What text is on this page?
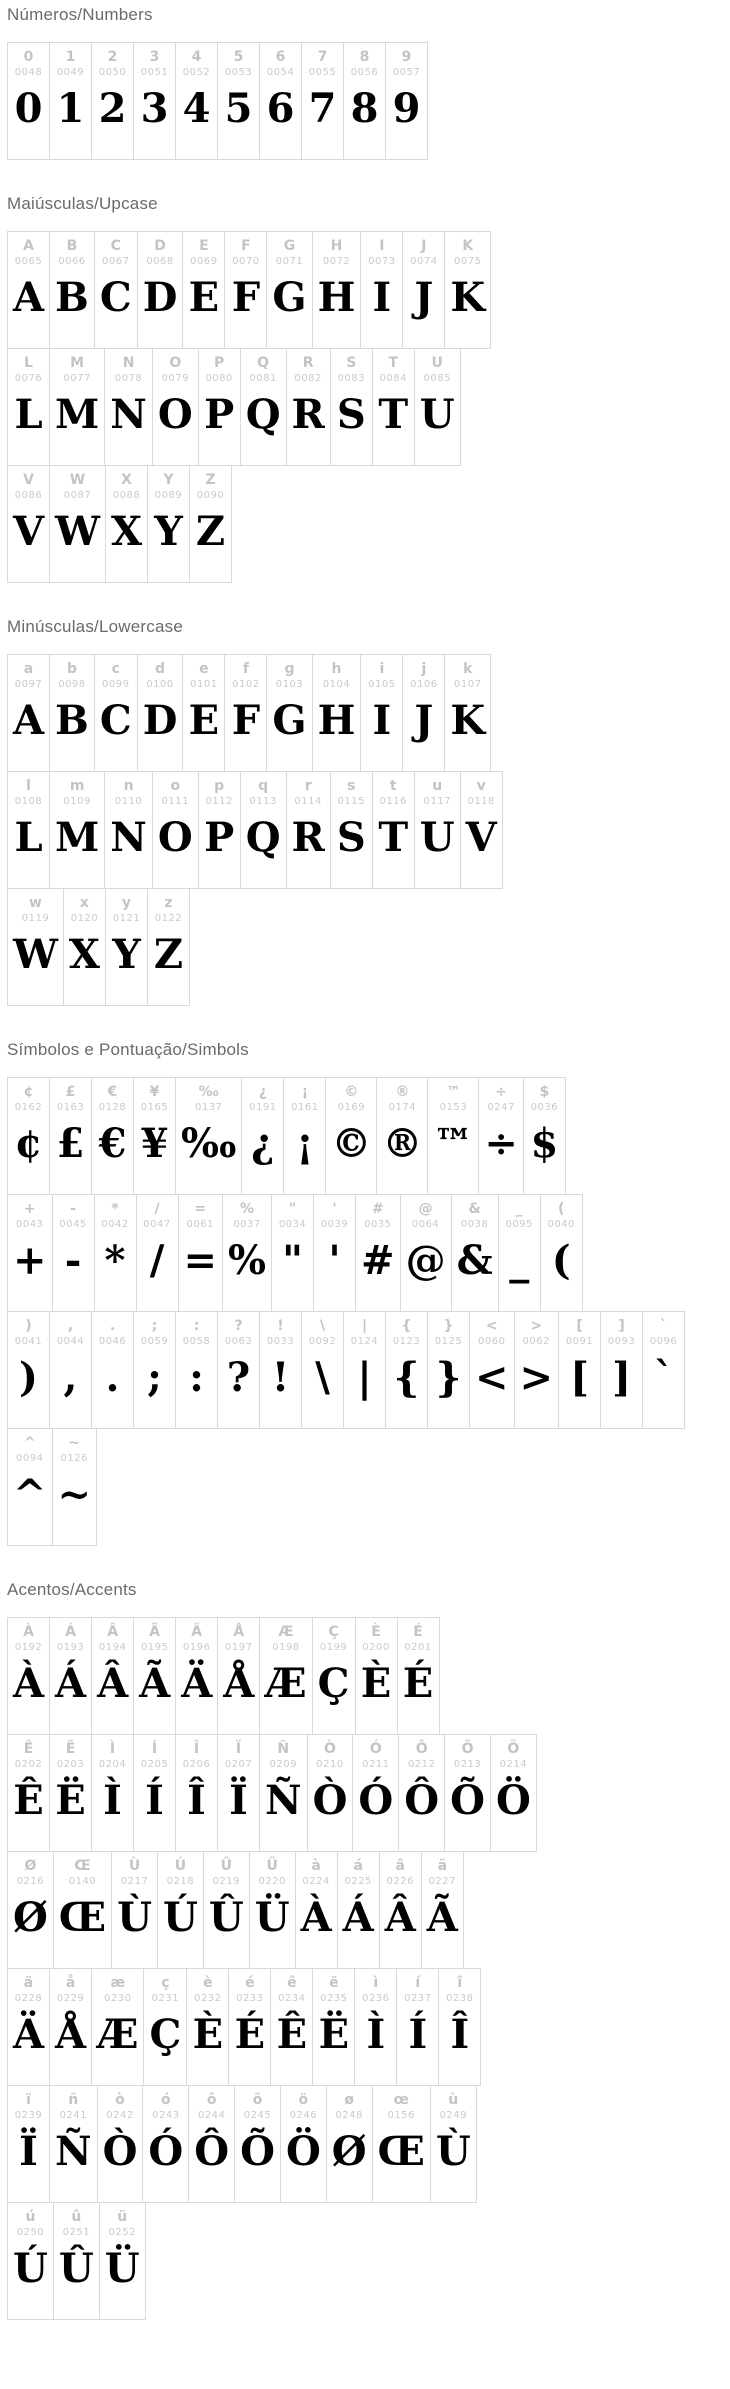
Números/Numbers
0
0048
0
1
0049
1
2
0050
2
3
0051
3
4
0052
4
5
0053
5
6
0054
6
7
0055
7
8
0056
8
9
0057
9
Maiúsculas/Upcase
A
0065
A
B
0066
B
C
0067
C
D
0068
D
E
0069
E
F
0070
F
G
0071
G
H
0072
H
I
0073
I
J
0074
J
K
0075
K
L
0076
L
M
0077
M
N
0078
N
O
0079
O
P
0080
P
Q
0081
Q
R
0082
R
S
0083
S
T
0084
T
U
0085
U
V
0086
V
W
0087
W
X
0088
X
Y
0089
Y
Z
0090
Z
Minúsculas/Lowercase
a
0097
A
b
0098
B
c
0099
C
d
0100
D
e
0101
E
f
0102
F
g
0103
G
h
0104
H
i
0105
I
j
0106
J
k
0107
K
l
0108
L
m
0109
M
n
0110
N
o
0111
O
p
0112
P
q
0113
Q
r
0114
R
s
0115
S
t
0116
T
u
0117
U
v
0118
V
w
0119
W
x
0120
X
y
0121
Y
z
0122
Z
Símbolos e Pontuação/Simbols
¢
0162
¢
£
0163
£
€
0128
€
¥
0165
¥
‰
0137
‰
¿
0191
¿
¡
0161
¡
©
0169
©
®
0174
®
™
0153
™
÷
0247
÷
$
0036
$
+
0043
+
-
0045
-
*
0042
*
/
0047
/
=
0061
=
%
0037
%
"
0034
"
'
0039
'
#
0035
#
@
0064
@
&
0038
&
_
0095
_
(
0040
(
)
0041
)
,
0044
,
.
0046
.
;
0059
;
:
0058
:
?
0063
?
!
0033
!
\
0092
\
|
0124
|
{
0123
{
}
0125
}
<
0060
<
>
0062
>
[
0091
[
]
0093
]
`
0096
`
^
0094
^
~
0126
~
Acentos/Accents
À
0192
À
Á
0193
Á
Â
0194
Â
Ã
0195
Ã
Ä
0196
Ä
Å
0197
Å
Æ
0198
Æ
Ç
0199
Ç
È
0200
È
É
0201
É
Ê
0202
Ê
Ë
0203
Ë
Ì
0204
Ì
Í
0205
Í
Î
0206
Î
Ï
0207
Ï
Ñ
0209
Ñ
Ò
0210
Ò
Ó
0211
Ó
Ô
0212
Ô
Õ
0213
Õ
Ö
0214
Ö
Ø
0216
Ø
Œ
0140
Œ
Ù
0217
Ù
Ú
0218
Ú
Û
0219
Û
Ü
0220
Ü
à
0224
À
á
0225
Á
â
0226
Â
ã
0227
Ã
ä
0228
Ä
å
0229
Å
æ
0230
Æ
ç
0231
Ç
è
0232
È
é
0233
É
ê
0234
Ê
ë
0235
Ë
ì
0236
Ì
í
0237
Í
î
0238
Î
ï
0239
Ï
ñ
0241
Ñ
ò
0242
Ò
ó
0243
Ó
ô
0244
Ô
õ
0245
Õ
ö
0246
Ö
ø
0248
Ø
œ
0156
Œ
ù
0249
Ù
ú
0250
Ú
û
0251
Û
ü
0252
Ü
